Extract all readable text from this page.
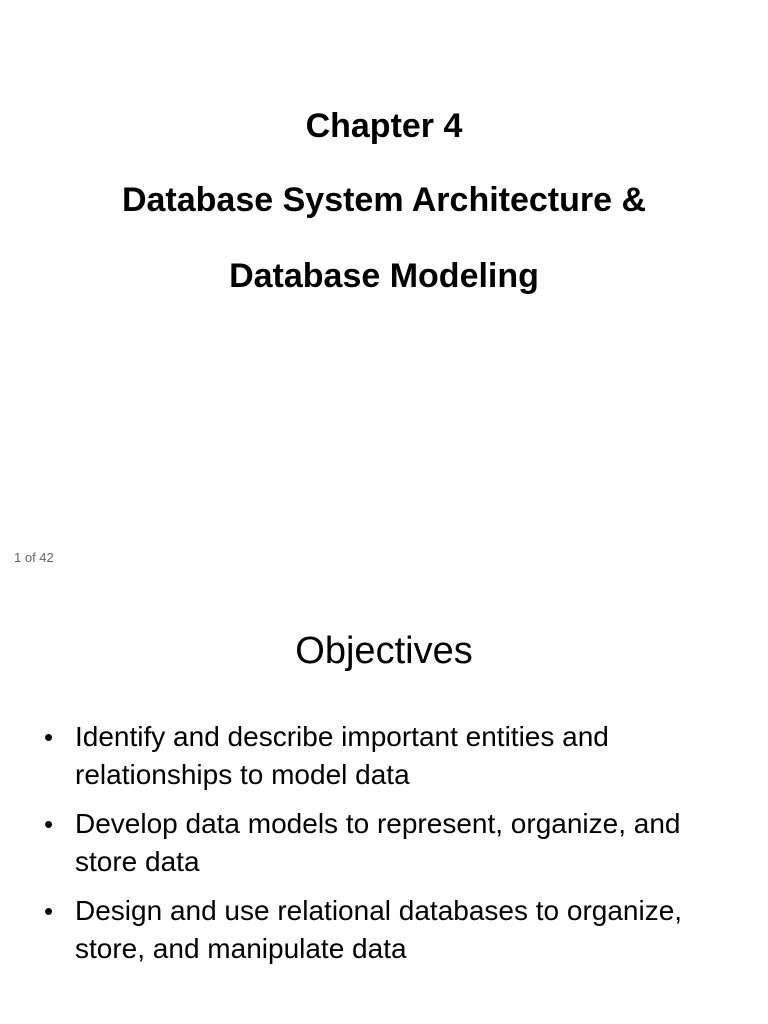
Chapter 4
Database System Architecture &
Database Modeling
1 of 42
Objectives
• Identify and describe important entities and relationships to model data
• Develop data models to represent, organize, and store data
• Design and use relational databases to organize, store, and manipulate data
